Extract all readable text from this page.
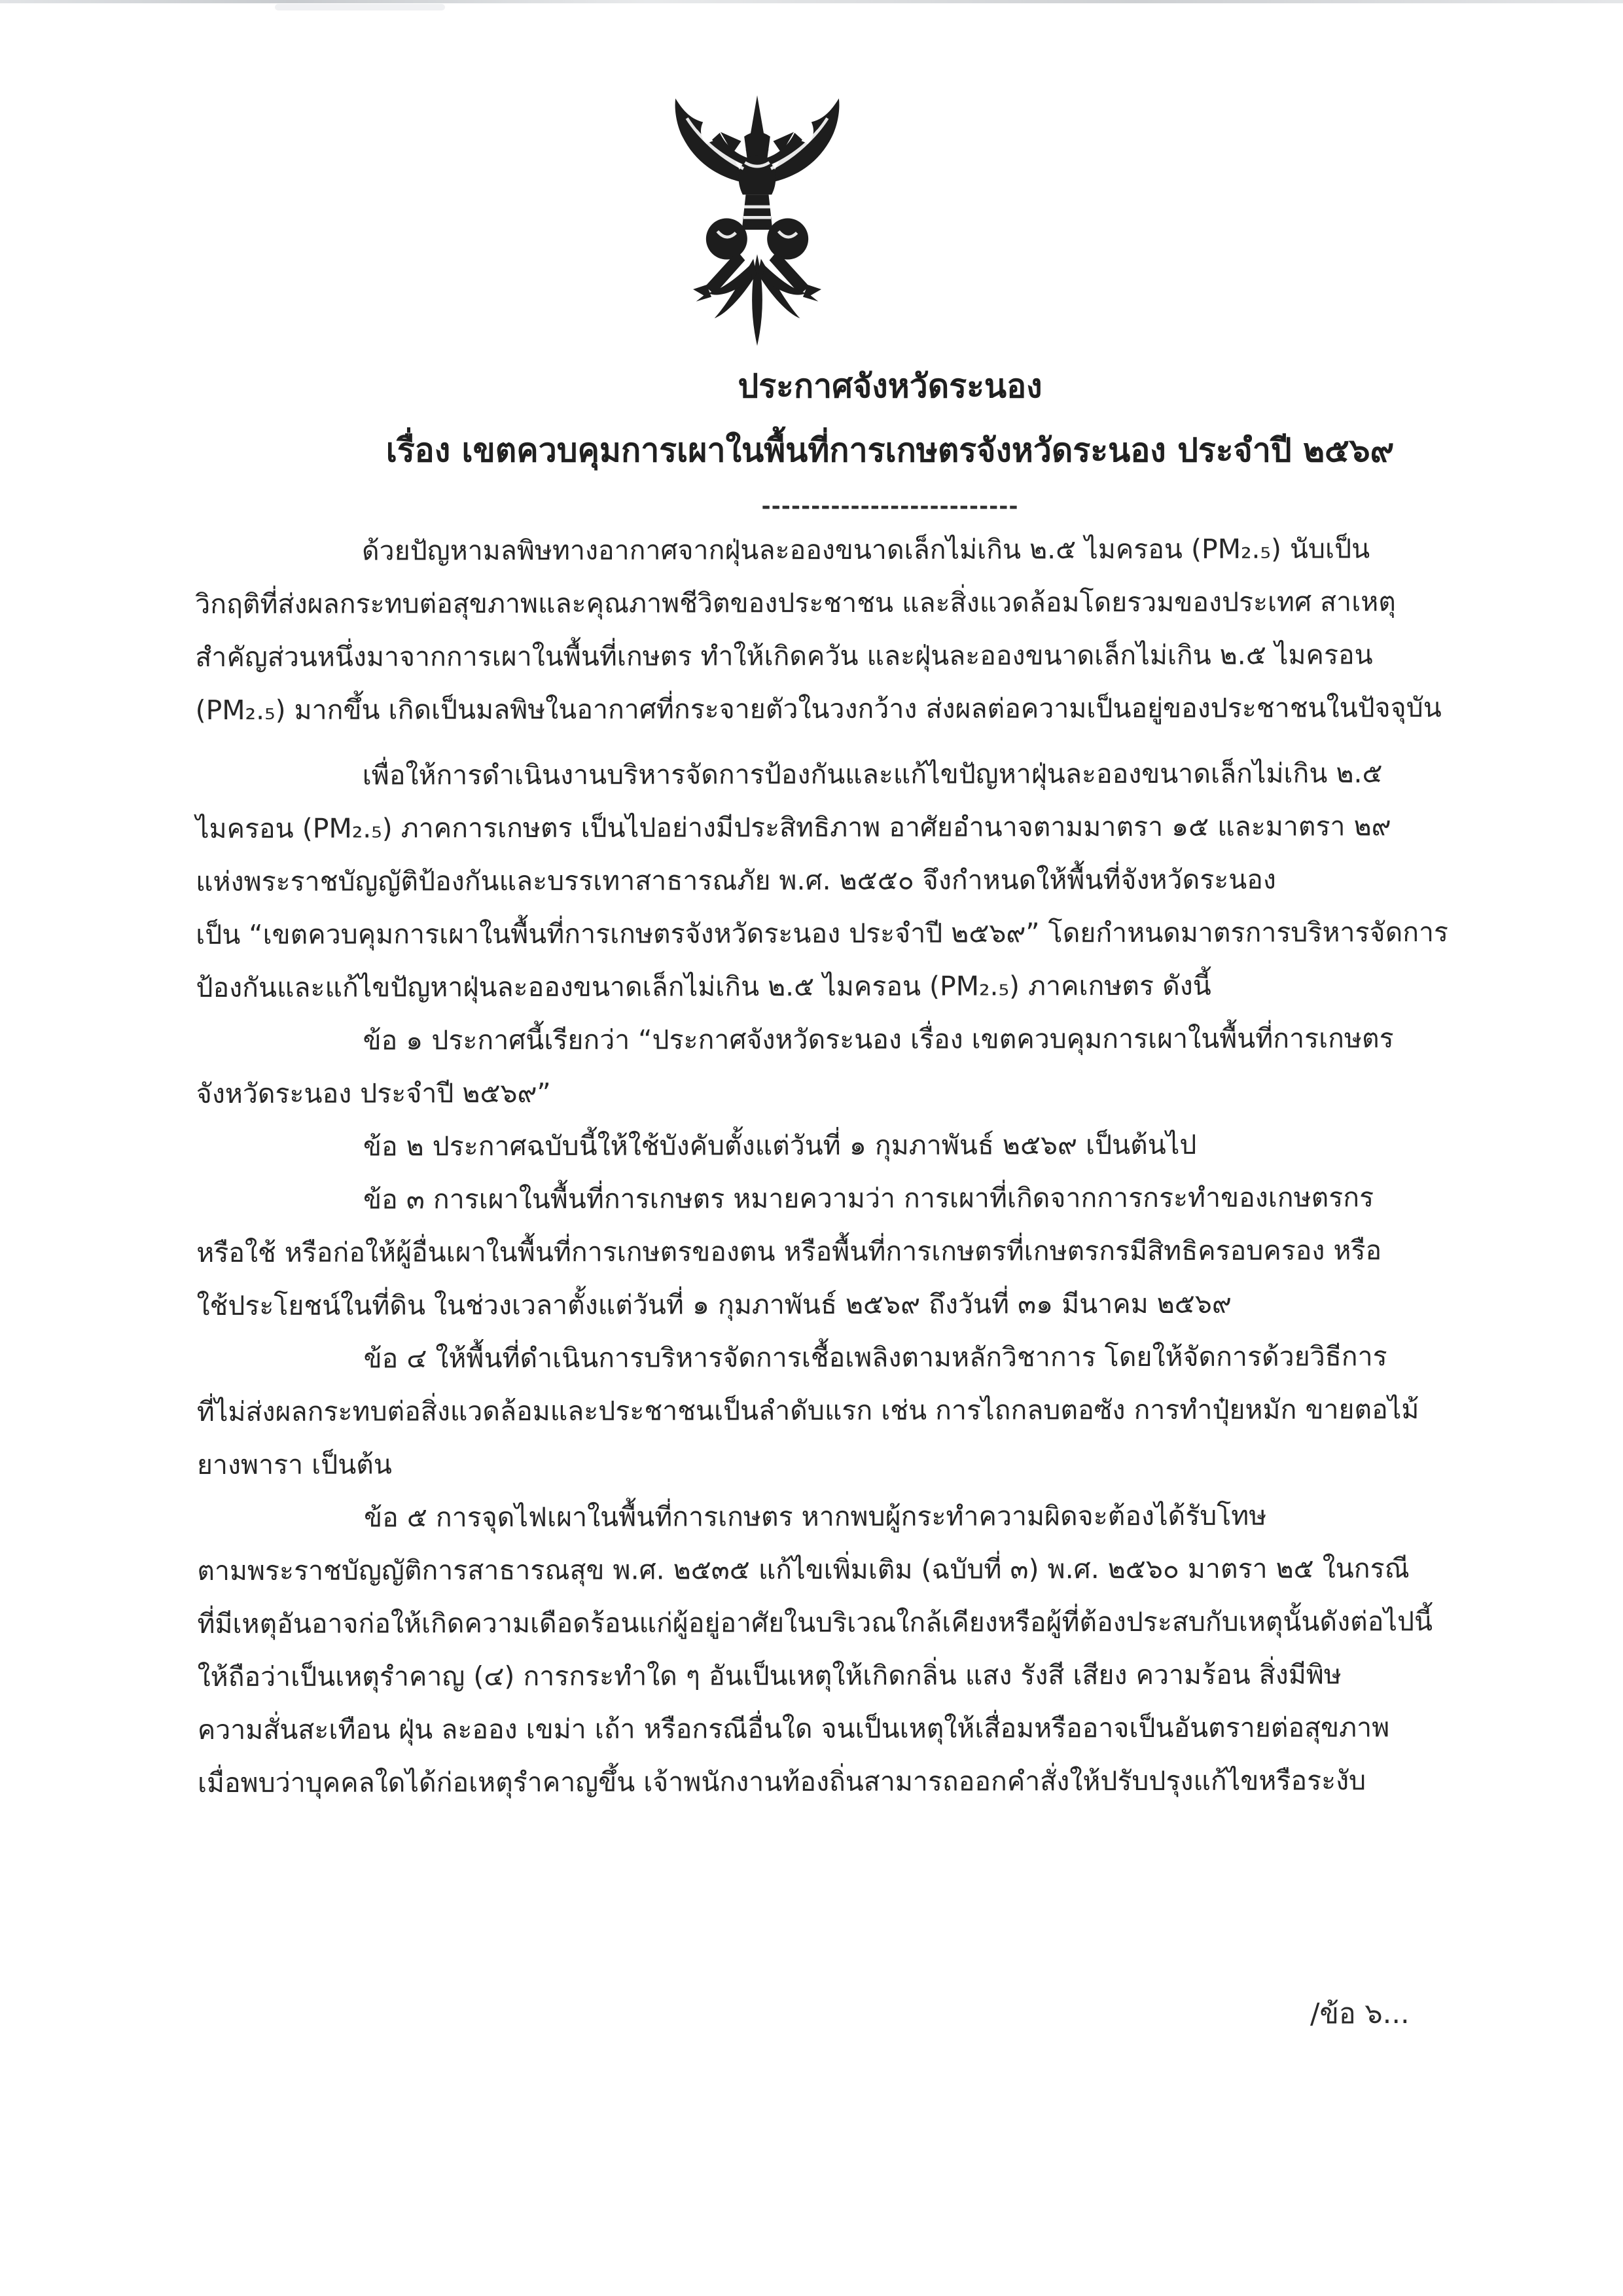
ประกาศจังหวัดระนอง
เรื่อง เขตควบคุมการเผาในพื้นที่การเกษตรจังหวัดระนอง ประจำปี ๒๕๖๙
--------------------------
ด้วยปัญหามลพิษทางอากาศจากฝุ่นละอองขนาดเล็กไม่เกิน ๒.๕ ไมครอน (PM₂.₅) นับเป็น
วิกฤติที่ส่งผลกระทบต่อสุขภาพและคุณภาพชีวิตของประชาชน และสิ่งแวดล้อมโดยรวมของประเทศ สาเหตุ
สำคัญส่วนหนึ่งมาจากการเผาในพื้นที่เกษตร ทำให้เกิดควัน และฝุ่นละอองขนาดเล็กไม่เกิน ๒.๕ ไมครอน
(PM₂.₅) มากขึ้น เกิดเป็นมลพิษในอากาศที่กระจายตัวในวงกว้าง ส่งผลต่อความเป็นอยู่ของประชาชนในปัจจุบัน
เพื่อให้การดำเนินงานบริหารจัดการป้องกันและแก้ไขปัญหาฝุ่นละอองขนาดเล็กไม่เกิน ๒.๕
ไมครอน (PM₂.₅) ภาคการเกษตร เป็นไปอย่างมีประสิทธิภาพ อาศัยอำนาจตามมาตรา ๑๕ และมาตรา ๒๙
แห่งพระราชบัญญัติป้องกันและบรรเทาสาธารณภัย พ.ศ. ๒๕๕๐ จึงกำหนดให้พื้นที่จังหวัดระนอง
เป็น “เขตควบคุมการเผาในพื้นที่การเกษตรจังหวัดระนอง ประจำปี ๒๕๖๙” โดยกำหนดมาตรการบริหารจัดการ
ป้องกันและแก้ไขปัญหาฝุ่นละอองขนาดเล็กไม่เกิน ๒.๕ ไมครอน (PM₂.₅) ภาคเกษตร ดังนี้
ข้อ ๑ ประกาศนี้เรียกว่า “ประกาศจังหวัดระนอง เรื่อง เขตควบคุมการเผาในพื้นที่การเกษตร
จังหวัดระนอง ประจำปี ๒๕๖๙”
ข้อ ๒ ประกาศฉบับนี้ให้ใช้บังคับตั้งแต่วันที่ ๑ กุมภาพันธ์ ๒๕๖๙ เป็นต้นไป
ข้อ ๓ การเผาในพื้นที่การเกษตร หมายความว่า การเผาที่เกิดจากการกระทำของเกษตรกร
หรือใช้ หรือก่อให้ผู้อื่นเผาในพื้นที่การเกษตรของตน หรือพื้นที่การเกษตรที่เกษตรกรมีสิทธิครอบครอง หรือ
ใช้ประโยชน์ในที่ดิน ในช่วงเวลาตั้งแต่วันที่ ๑ กุมภาพันธ์ ๒๕๖๙ ถึงวันที่ ๓๑ มีนาคม ๒๕๖๙
ข้อ ๔ ให้พื้นที่ดำเนินการบริหารจัดการเชื้อเพลิงตามหลักวิชาการ โดยให้จัดการด้วยวิธีการ
ที่ไม่ส่งผลกระทบต่อสิ่งแวดล้อมและประชาชนเป็นลำดับแรก เช่น การไถกลบตอซัง การทำปุ๋ยหมัก ขายตอไม้
ยางพารา เป็นต้น
ข้อ ๕ การจุดไฟเผาในพื้นที่การเกษตร หากพบผู้กระทำความผิดจะต้องได้รับโทษ
ตามพระราชบัญญัติการสาธารณสุข พ.ศ. ๒๕๓๕ แก้ไขเพิ่มเติม (ฉบับที่ ๓) พ.ศ. ๒๕๖๐ มาตรา ๒๕ ในกรณี
ที่มีเหตุอันอาจก่อให้เกิดความเดือดร้อนแก่ผู้อยู่อาศัยในบริเวณใกล้เคียงหรือผู้ที่ต้องประสบกับเหตุนั้นดังต่อไปนี้
ให้ถือว่าเป็นเหตุรำคาญ (๔) การกระทำใด ๆ อันเป็นเหตุให้เกิดกลิ่น แสง รังสี เสียง ความร้อน สิ่งมีพิษ
ความสั่นสะเทือน ฝุ่น ละออง เขม่า เถ้า หรือกรณีอื่นใด จนเป็นเหตุให้เสื่อมหรืออาจเป็นอันตรายต่อสุขภาพ
เมื่อพบว่าบุคคลใดได้ก่อเหตุรำคาญขึ้น เจ้าพนักงานท้องถิ่นสามารถออกคำสั่งให้ปรับปรุงแก้ไขหรือระงับ
/ข้อ ๖...
